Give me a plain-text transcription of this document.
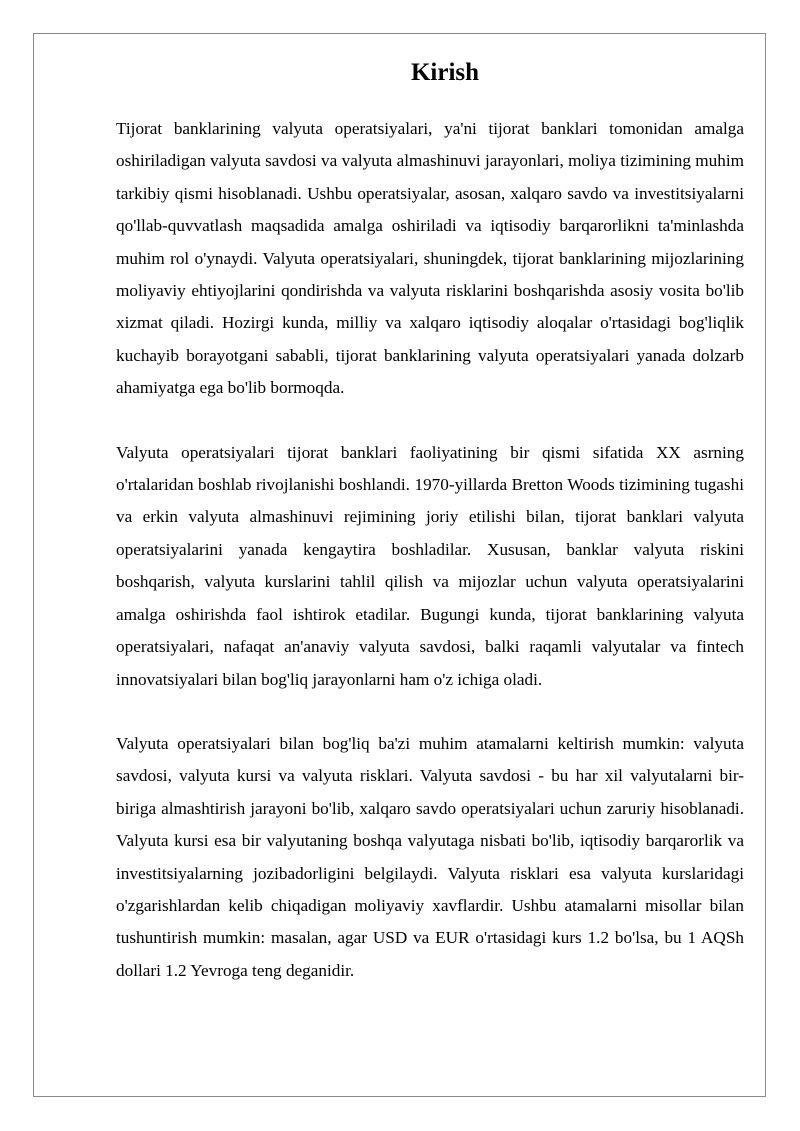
Kirish

Tijorat banklarining valyuta operatsiyalari, ya'ni tijorat banklari tomonidan amalga oshiriladigan valyuta savdosi va valyuta almashinuvi jarayonlari, moliya tizimining muhim tarkibiy qismi hisoblanadi. Ushbu operatsiyalar, asosan, xalqaro savdo va investitsiyalarni qo'llab-quvvatlash maqsadida amalga oshiriladi va iqtisodiy barqarorlikni ta'minlashda muhim rol o'ynaydi. Valyuta operatsiyalari, shuningdek, tijorat banklarining mijozlarining moliyaviy ehtiyojlarini qondirishda va valyuta risklarini boshqarishda asosiy vosita bo'lib xizmat qiladi. Hozirgi kunda, milliy va xalqaro iqtisodiy aloqalar o'rtasidagi bog'liqlik kuchayib borayotgani sababli, tijorat banklarining valyuta operatsiyalari yanada dolzarb ahamiyatga ega bo'lib bormoqda.

Valyuta operatsiyalari tijorat banklari faoliyatining bir qismi sifatida XX asrning o'rtalaridan boshlab rivojlanishi boshlandi. 1970-yillarda Bretton Woods tizimining tugashi va erkin valyuta almashinuvi rejimining joriy etilishi bilan, tijorat banklari valyuta operatsiyalarini yanada kengaytira boshladilar. Xususan, banklar valyuta riskini boshqarish, valyuta kurslarini tahlil qilish va mijozlar uchun valyuta operatsiyalarini amalga oshirishda faol ishtirok etadilar. Bugungi kunda, tijorat banklarining valyuta operatsiyalari, nafaqat an'anaviy valyuta savdosi, balki raqamli valyutalar va fintech innovatsiyalari bilan bog'liq jarayonlarni ham o'z ichiga oladi.

Valyuta operatsiyalari bilan bog'liq ba'zi muhim atamalarni keltirish mumkin: valyuta savdosi, valyuta kursi va valyuta risklari. Valyuta savdosi - bu har xil valyutalarni bir-biriga almashtirish jarayoni bo'lib, xalqaro savdo operatsiyalari uchun zaruriy hisoblanadi. Valyuta kursi esa bir valyutaning boshqa valyutaga nisbati bo'lib, iqtisodiy barqarorlik va investitsiyalarning jozibadorligini belgilaydi. Valyuta risklari esa valyuta kurslaridagi o'zgarishlardan kelib chiqadigan moliyaviy xavflardir. Ushbu atamalarni misollar bilan tushuntirish mumkin: masalan, agar USD va EUR o'rtasidagi kurs 1.2 bo'lsa, bu 1 AQSh dollari 1.2 Yevroga teng deganidir.
